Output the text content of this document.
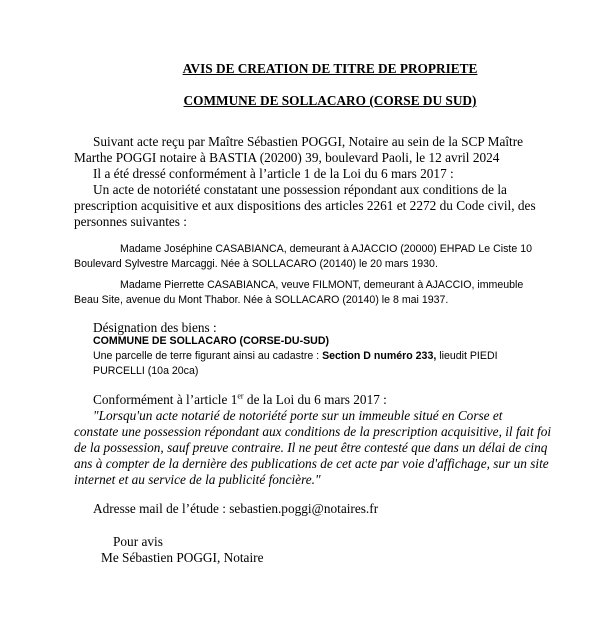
AVIS DE CREATION DE TITRE DE PROPRIETE
COMMUNE DE SOLLACARO (CORSE DU SUD)
Suivant acte reçu par Maître Sébastien POGGI, Notaire au sein de la SCP Maître
Marthe POGGI notaire à BASTIA (20200) 39, boulevard Paoli, le 12 avril 2024
Il a été dressé conformément à l’article 1 de la Loi du 6 mars 2017 :
Un acte de notoriété constatant une possession répondant aux conditions de la
prescription acquisitive et aux dispositions des articles 2261 et 2272 du Code civil, des
personnes suivantes :
Madame Joséphine CASABIANCA, demeurant à AJACCIO (20000) EHPAD Le Ciste 10
Boulevard Sylvestre Marcaggi. Née à SOLLACARO (20140) le 20 mars 1930.
Madame Pierrette CASABIANCA, veuve FILMONT, demeurant à AJACCIO, immeuble
Beau Site, avenue du Mont Thabor. Née à SOLLACARO (20140) le 8 mai 1937.
Désignation des biens :
COMMUNE DE SOLLACARO (CORSE-DU-SUD)
Une parcelle de terre figurant ainsi au cadastre : Section D numéro 233, lieudit PIEDI
PURCELLI (10a 20ca)
Conformément à l’article 1er de la Loi du 6 mars 2017 :
"Lorsqu'un acte notarié de notoriété porte sur un immeuble situé en Corse et
constate une possession répondant aux conditions de la prescription acquisitive, il fait foi
de la possession, sauf preuve contraire. Il ne peut être contesté que dans un délai de cinq
ans à compter de la dernière des publications de cet acte par voie d'affichage, sur un site
internet et au service de la publicité foncière."
Adresse mail de l’étude : sebastien.poggi@notaires.fr
Pour avis
Me Sébastien POGGI, Notaire
